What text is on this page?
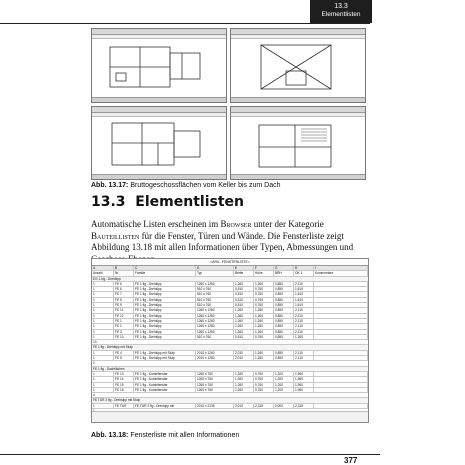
13.3
Elementlisten
Abb. 13.17: Bruttogeschossflächen vom Keller bis zum Dach
13.3 Elementlisten
Automatische Listen erscheinen im Browser unter der Kategorie Bauteillisten für die Fenster, Türen und Wände. Die Fensterliste zeigt Abbildung 13.18 mit allen Informationen über Typen, Abmessungen und
<ARIL. FENSTERLISTE>
A	B	C	D	E	F	G	H	I
Anzahl	Nr.	Familie	Typ	Breite	Höhe	BRH	OK 1	Kommentare
EG 1.Ng - Drehkipp
1	FE 6	FE 1 flg - Drehkipp	1260 x 1260	1,260	1,260	0,850	2,110
1	FE 6	FE 1 flg - Drehkipp	510 x 760	0,510	0,760	0,850	1,610
1	FE 7	FE 1 flg - Drehkipp	510 x 760	0,510	0,760	0,850	1,610
1	FE 8	FE 1 flg - Drehkipp	510 x 760	0,510	0,760	0,850	1,610
1	FE 9	FE 1 flg - Drehkipp	510 x 760	0,510	0,760	0,850	1,610
1	FE 11	FE 1 flg - Drehkipp	1260 x 1260	1,260	1,260	0,850	2,110
1	FE 12	FE 1 flg - Drehkipp	1260 x 1260	1,260	1,260	0,850	2,110
1	FE 1	FE 1 flg - Drehkipp	1260 x 1260	1,260	1,260	0,850	2,110
1	FE 2	FE 1 flg - Drehkipp	1260 x 1260	1,260	1,260	0,850	2,110
1	FE 3	FE 1 flg - Drehkipp	1260 x 1260	1,260	1,260	0,850	2,110
1	FE 10	FE 1 flg - Drehkipp	510 x 760	0,510	0,760	0,850	1,260
13
FE 1 flg - Drehkipp mit Stulp
1	FE 4	FE 1 flg - Drehkipp mit Stulp	2010 x 1260	2,010	1,260	0,850	2,110
1	FE 5	FE 1 flg - Drehkipp mit Stulp	2010 x 1260	2,010	1,260	0,850	2,110
2
FE 1 flg - Dachflächen
1	FE 13	FE 1 flg - Kombifenster	1260 x 760	1,260	0,760	1,200	1,960
1	FE 14	FE 1 flg - Kombifenster	1260 x 760	1,260	0,760	1,200	1,960
1	FE 15	FE 1 flg - Kombifenster	1260 x 760	1,260	0,760	1,200	1,960
1	FE 16	FE 1 flg - Kombifenster	1260 x 760	1,260	0,760	1,200	1,960
4
FE TÜR 2 flg - Drehkipp mit Stulp
1	FE TÜR	FE TÜR 2 flg - Drehkipp mit	2010 x 2135	2,010	2,135	0,000	2,135
Abb. 13.18: Fensterliste mit allen Informationen
377
